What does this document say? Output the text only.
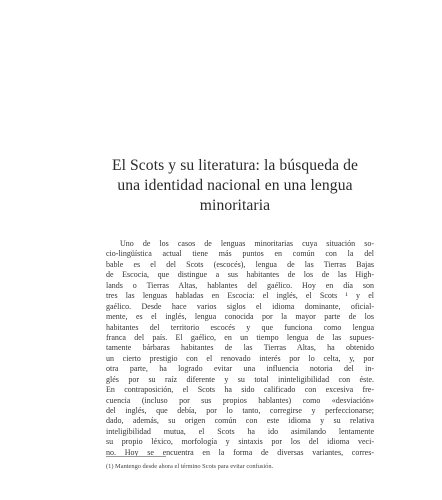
El Scots y su literatura: la búsqueda de
una identidad nacional en una lengua
minoritaria
Uno de los casos de lenguas minoritarias cuya situación so-
cio-lingüística actual tiene más puntos en común con la del
bable es el del Scots (escocés), lengua de las Tierras Bajas
de Escocia, que distingue a sus habitantes de los de las High-
lands o Tierras Altas, hablantes del gaélico. Hoy en día son
tres las lenguas habladas en Escocia: el inglés, el Scots ¹ y el
gaélico. Desde hace varios siglos el idioma dominante, oficial-
mente, es el inglés, lengua conocida por la mayor parte de los
habitantes del territorio escocés y que funciona como lengua
franca del país. El gaélico, en un tiempo lengua de las supues-
tamente bárbaras habitantes de las Tierras Altas, ha obtenido
un cierto prestigio con el renovado interés por lo celta, y, por
otra parte, ha logrado evitar una influencia notoria del in-
glés por su raíz diferente y su total ininteligibilidad con éste.
En contraposición, el Scots ha sido calificado con excesiva fre-
cuencia (incluso por sus propios hablantes) como «desviación»
del inglés, que debía, por lo tanto, corregirse y perfeccionarse;
dado, además, su origen común con este idioma y su relativa
inteligibilidad mutua, el Scots ha ido asimilando lentamente
su propio léxico, morfología y sintaxis por los del idioma veci-
no. Hoy se encuentra en la forma de diversas variantes, corres-
(1) Mantengo desde ahora el término Scots para evitar confusión.
